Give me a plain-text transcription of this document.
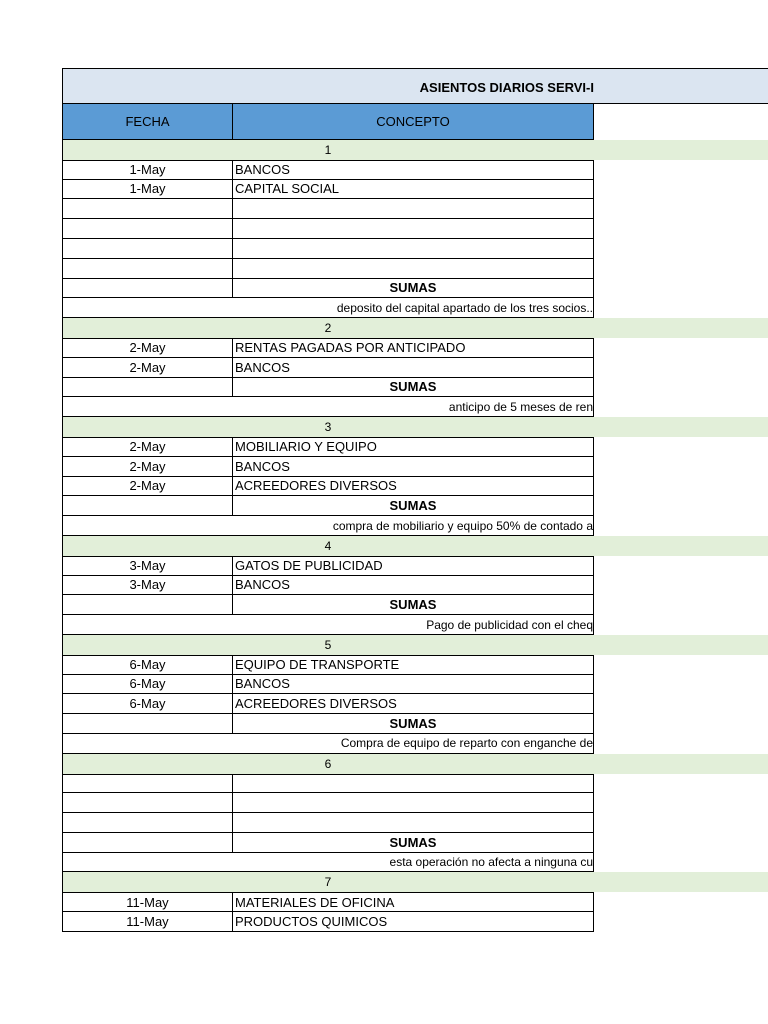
ASIENTOS DIARIOS SERVI-I
FECHA	CONCEPTO
1
1-May	BANCOS
1-May	CAPITAL SOCIAL
SUMAS
deposito del capital apartado de los tres socios..
2
2-May	RENTAS PAGADAS POR ANTICIPADO
2-May	BANCOS
SUMAS
anticipo de 5 meses de ren
3
2-May	MOBILIARIO Y EQUIPO
2-May	BANCOS
2-May	ACREEDORES DIVERSOS
SUMAS
compra de mobiliario y equipo 50% de contado a
4
3-May	GATOS DE PUBLICIDAD
3-May	BANCOS
SUMAS
Pago de publicidad con el cheq
5
6-May	EQUIPO DE TRANSPORTE
6-May	BANCOS
6-May	ACREEDORES DIVERSOS
SUMAS
Compra de equipo de reparto con enganche de
6
SUMAS
esta operación no afecta a ninguna cu
7
11-May	MATERIALES DE OFICINA
11-May	PRODUCTOS QUIMICOS
